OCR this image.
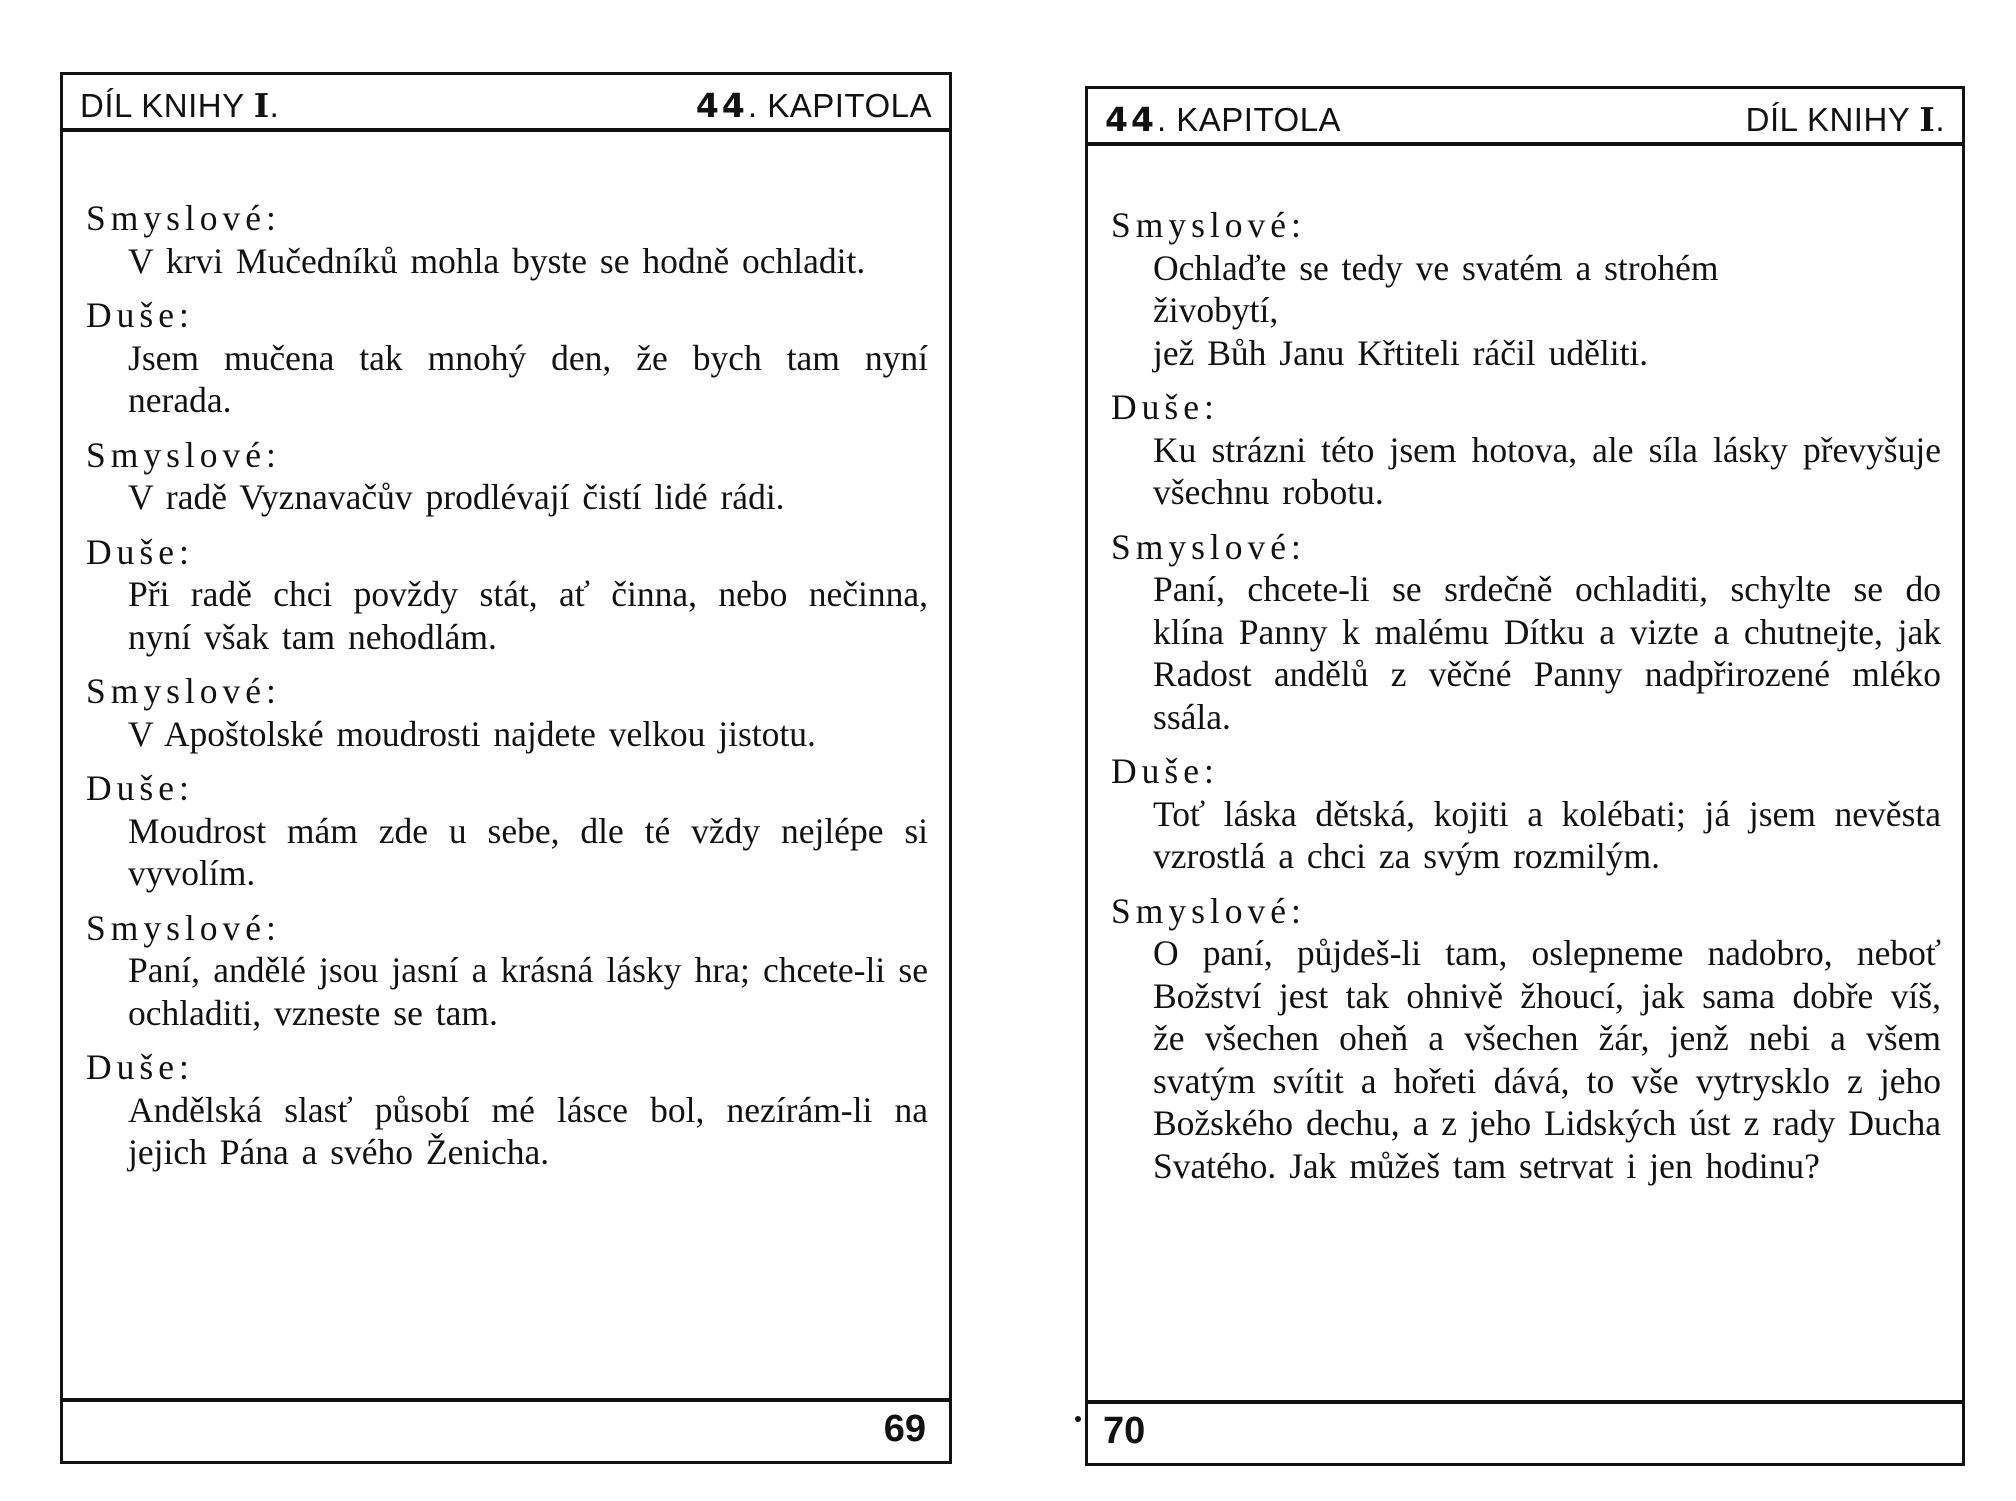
DÍL KNIHY I.	44. KAPITOLA

Smyslové:

V krvi Mučedníků mohla byste se hodně ochladit.

Duše:

Jsem mučena tak mnohý den, že bych tam nyní nerada.

Smyslové:

V radě Vyznavačův prodlévají čistí lidé rádi.

Duše:

Při radě chci povždy stát, ať činna, nebo nečinna, nyní však tam nehodlám.

Smyslové:

V Apoštolské moudrosti najdete velkou jistotu.

Duše:

Moudrost mám zde u sebe, dle té vždy nejlépe si vyvolím.

Smyslové:

Paní, andělé jsou jasní a krásná lásky hra; chcete-li se ochladiti, vzneste se tam.

Duše:

Andělská slasť působí mé lásce bol, nezírám-li na jejich Pána a svého Ženicha.

69
44. KAPITOLA	DÍL KNIHY I.

Smyslové:

Ochlaďte se tedy ve svatém a strohém
živobytí,
jež Bůh Janu Křtiteli ráčil uděliti.

Duše:

Ku strázni této jsem hotova, ale síla lásky převyšuje všechnu robotu.

Smyslové:

Paní, chcete-li se srdečně ochladiti, schylte se do klína Panny k malému Dítku a vizte a chutnejte, jak Radost andělů z věčné Panny nadpřirozené mléko ssála.

Duše:

Toť láska dětská, kojiti a kolébati; já jsem nevěsta vzrostlá a chci za svým rozmilým.

Smyslové:

O paní, půjdeš-li tam, oslepneme nadobro, neboť Božství jest tak ohnivě žhoucí, jak sama dobře víš, že všechen oheň a všechen žár, jenž nebi a všem svatým svítit a hořeti dává, to vše vytrysklo z jeho Božského dechu, a z jeho Lidských úst z rady Ducha Svatého. Jak můžeš tam setrvat i jen hodinu?

70
